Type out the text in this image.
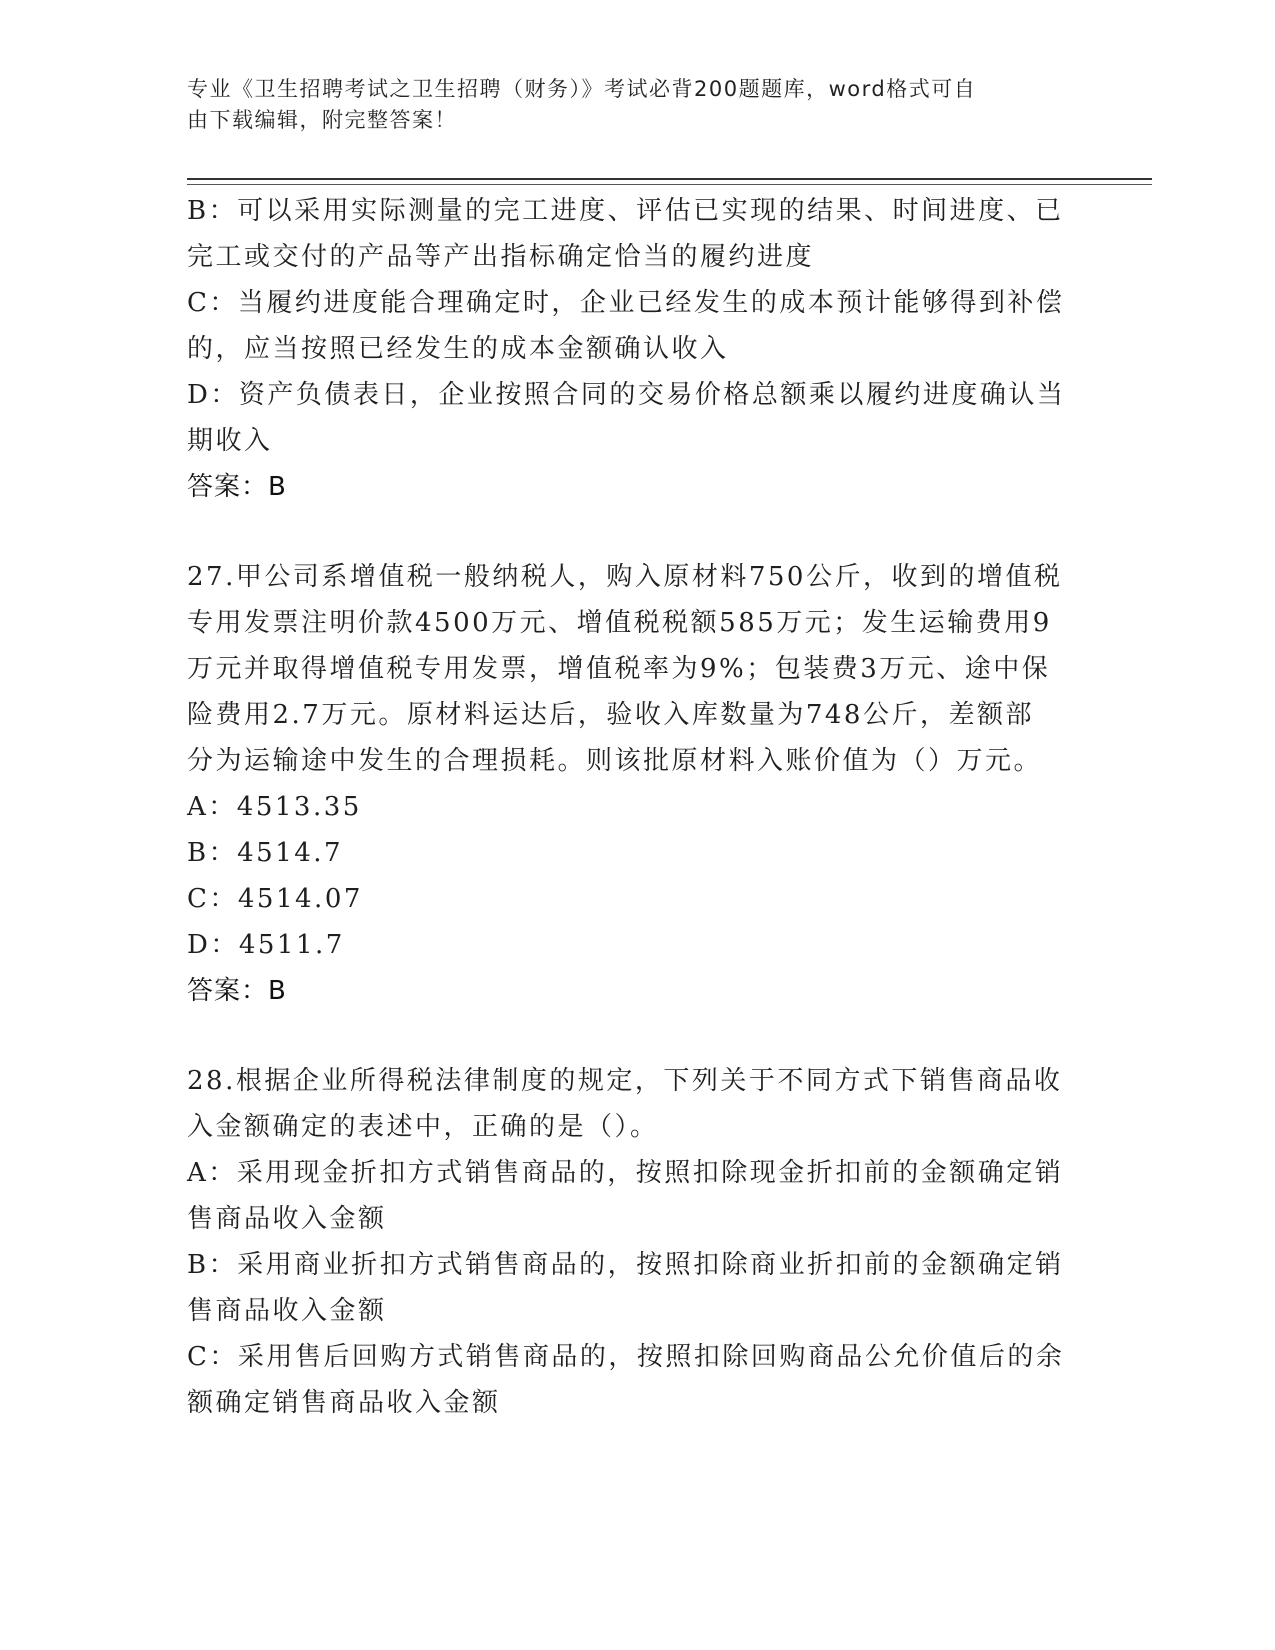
专业《卫生招聘考试之卫生招聘（财务）》考试必背200题题库，word格式可自
由下载编辑，附完整答案！
B：可以采用实际测量的完工进度、评估已实现的结果、时间进度、已
完工或交付的产品等产出指标确定恰当的履约进度
C：当履约进度能合理确定时，企业已经发生的成本预计能够得到补偿
的，应当按照已经发生的成本金额确认收入
D：资产负债表日，企业按照合同的交易价格总额乘以履约进度确认当
期收入
答案：B
27.甲公司系增值税一般纳税人，购入原材料750公斤，收到的增值税
专用发票注明价款4500万元、增值税税额585万元；发生运输费用9
万元并取得增值税专用发票，增值税率为9%；包装费3万元、途中保
险费用2.7万元。原材料运达后，验收入库数量为748公斤，差额部
分为运输途中发生的合理损耗。则该批原材料入账价值为（）万元。
A：4513.35
B：4514.7
C：4514.07
D：4511.7
答案：B
28.根据企业所得税法律制度的规定，下列关于不同方式下销售商品收
入金额确定的表述中，正确的是（）。
A：采用现金折扣方式销售商品的，按照扣除现金折扣前的金额确定销
售商品收入金额
B：采用商业折扣方式销售商品的，按照扣除商业折扣前的金额确定销
售商品收入金额
C：采用售后回购方式销售商品的，按照扣除回购商品公允价值后的余
额确定销售商品收入金额
